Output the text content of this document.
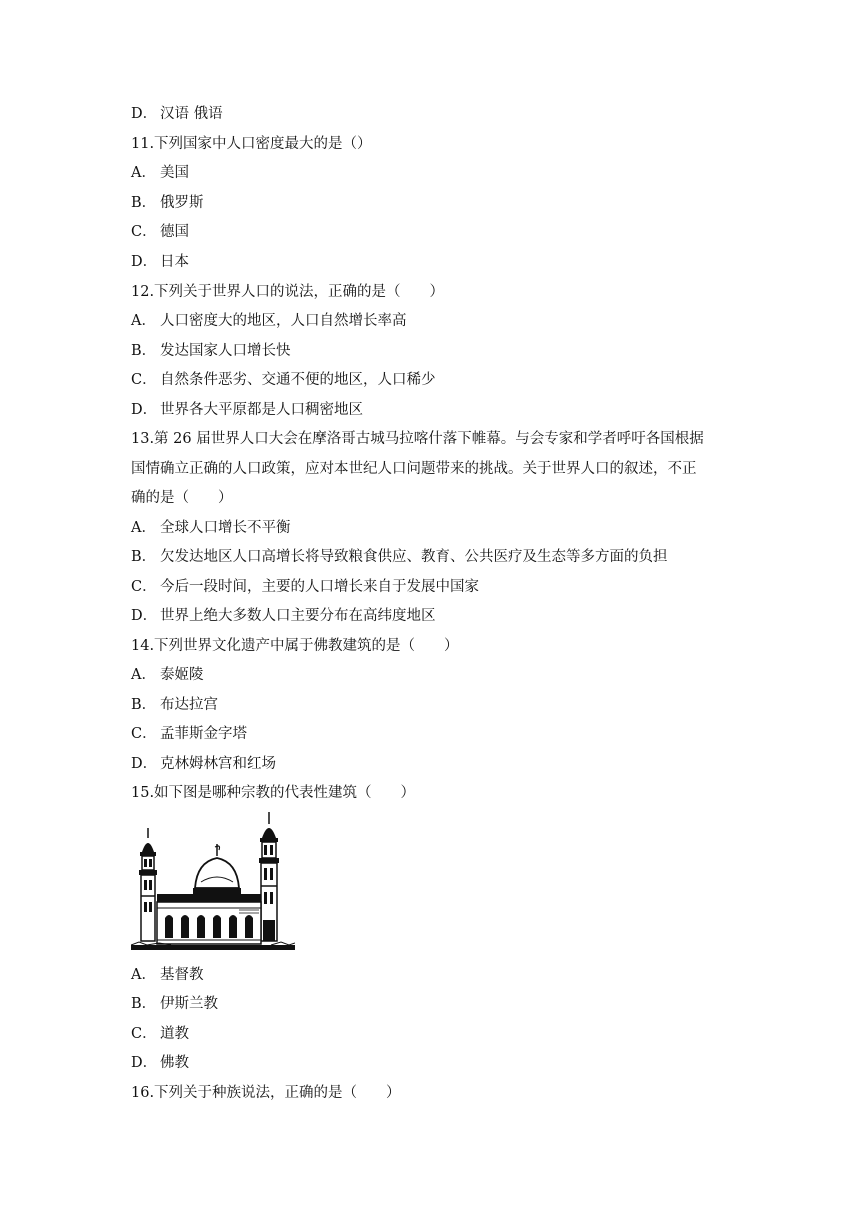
D． 汉语 俄语
11.下列国家中人口密度最大的是（）
A． 美国
B． 俄罗斯
C． 德国
D． 日本
12.下列关于世界人口的说法，正确的是（　　）
A． 人口密度大的地区，人口自然增长率高
B． 发达国家人口增长快
C． 自然条件恶劣、交通不便的地区，人口稀少
D． 世界各大平原都是人口稠密地区
13.第 26 届世界人口大会在摩洛哥古城马拉喀什落下帷幕。与会专家和学者呼吁各国根据
国情确立正确的人口政策，应对本世纪人口问题带来的挑战。关于世界人口的叙述，不正
确的是（　　）
A． 全球人口增长不平衡
B． 欠发达地区人口高增长将导致粮食供应、教育、公共医疗及生态等多方面的负担
C． 今后一段时间，主要的人口增长来自于发展中国家
D． 世界上绝大多数人口主要分布在高纬度地区
14.下列世界文化遗产中属于佛教建筑的是（　　）
A． 泰姬陵
B． 布达拉宫
C． 孟菲斯金字塔
D． 克林姆林宫和红场
15.如下图是哪种宗教的代表性建筑（　　）
A． 基督教
B． 伊斯兰教
C． 道教
D． 佛教
16.下列关于种族说法，正确的是（　　）
